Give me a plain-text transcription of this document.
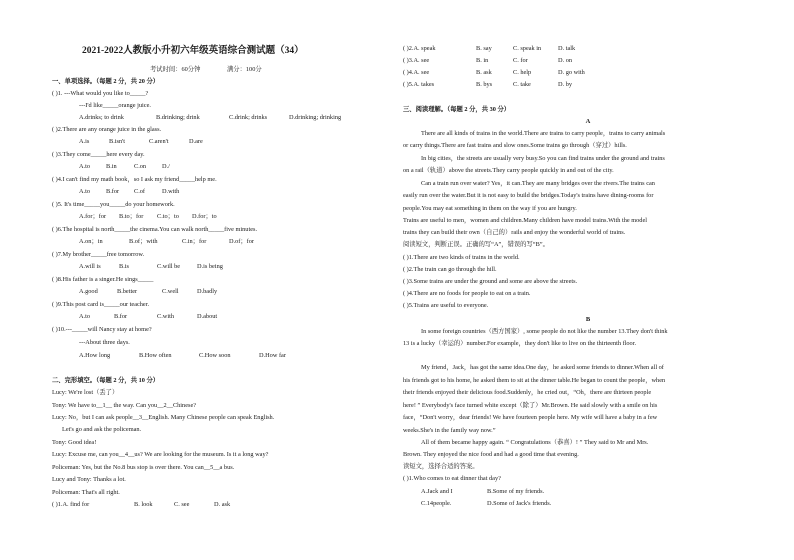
2021-2022人教版小升初六年级英语综合测试题（34）
考试时间：60分钟	满分：100分
一、单项选择。（每题 2 分，共 20 分）
( )1. ---What would you like to_____?
---I'd like_____orange juice.
A.drinks; to drink	B.drinking; drink	C.drink; drinks	D.drinking; drinking
( )2.There are any orange juice in the glass.
A.is	B.isn't	C.aren't	D.are
( )3.They come_____here every day.
A.to	B.in	C.on	D./
( )4.I can't find my math book，so I ask my friend_____help me.
A.to	B.for C.of	D.with
( )5. It's time_____you_____do your homework.
A.for；for B.to；for C.to；to D.for；to
( )6.The hospital is north_____the cinema.You can walk north_____five minutes.
A.on；in	B.of；with	C.in；for	D.of；for
( )7.My brother_____free tomorrow.
A.will is	B.is	C.will be	D.is being
( )8.His father is a singer.He sings_____
A.good	B.better	C.well	D.badly
( )9.This post card is_____our teacher.
A.to	B.for	C.with	D.about
( )10.---_____will Nancy stay at home?
---About three days.
A.How long	B.How often	C.How soon	D.How far
二、完形填空。（每题 2 分，共 10 分）
Lucy: We're lost（丢了）
Tony: We have to__1__ the way. Can you__2__Chinese?
Lucy: No，but I can ask people__3__English. Many Chinese people can speak English.
Let's go and ask the policeman.
Tony: Good idea!
Lucy: Excuse me, can you__4__us? We are looking for the museum. Is it a long way?
Policeman: Yes, but the No.8 bus stop is over there. You can__5__a bus.
Lucy and Tony: Thanks a lot.
Policeman: That's all right.
( )1.A. find for	B. look	C. see	D. ask
( )2.A. speak	B. say	C. speak in	D. talk
( )3.A. see	B. in	C. for	D. on
( )4.A. see	B. ask	C. help	D. go with
( )5.A. takes	B. bys	C. take	D. by
三、阅读理解。（每题 2 分，共 30 分）
A
There are all kinds of trains in the world.There are trains to carry people，trains to carry animals
or carry things.There are fast trains and slow ones.Some trains go through（穿过）hills.
In big cities，the streets are usually very busy.So you can find trains under the ground and trains
on a rail（轨道）above the streets.They carry people quickly in and out of the city.
Can a train run over water? Yes，it can.They are many bridges over the rivers.The trains can
easily run over the water.But it is not easy to build the bridges.Today's trains have dining-rooms for
people.You may eat something in them on the way if you are hungry.
Trains are useful to men，women and children.Many children have model trains.With the model
trains they can build their own（自己的）rails and enjoy the wonderful world of trains.
阅读短文，判断正误。正确的写“A”，错误的写“B”。
( )1.There are two kinds of trains in the world.
( )2.The train can go through the hill.
( )3.Some trains are under the ground and some are above the streets.
( )4.There are no foods for people to eat on a train.
( )5.Trains are useful to everyone.
B
In some foreign countries（西方国家）, some people do not like the number 13.They don't think
13 is a lucky（幸运的）number.For example，they don't like to live on the thirteenth floor.
My friend，Jack，has got the same idea.One day，he asked some friends to dinner.When all of
his friends got to his home, he asked them to sit at the dinner table.He began to count the people，when
their friends enjoyed their delicious food.Suddenly，he cried out，“Oh，there are thirteen people
here! ” Everybody's face turned white except（除了）Mr.Brown. He said slowly with a smile on his
face，“Don't worry，dear friends! We have fourteen people here. My wife will have a baby in a few
weeks.She's in the family way now.”
All of them became happy again. “ Congratulations（恭喜）! ” They said to Mr and Mrs.
Brown. They enjoyed the nice food and had a good time that evening.
读短文，选择合适的答案。
( )1.Who comes to eat dinner that day?
A.Jack and I	B.Some of my friends.
C.14people.	D.Some of Jack's friends.
